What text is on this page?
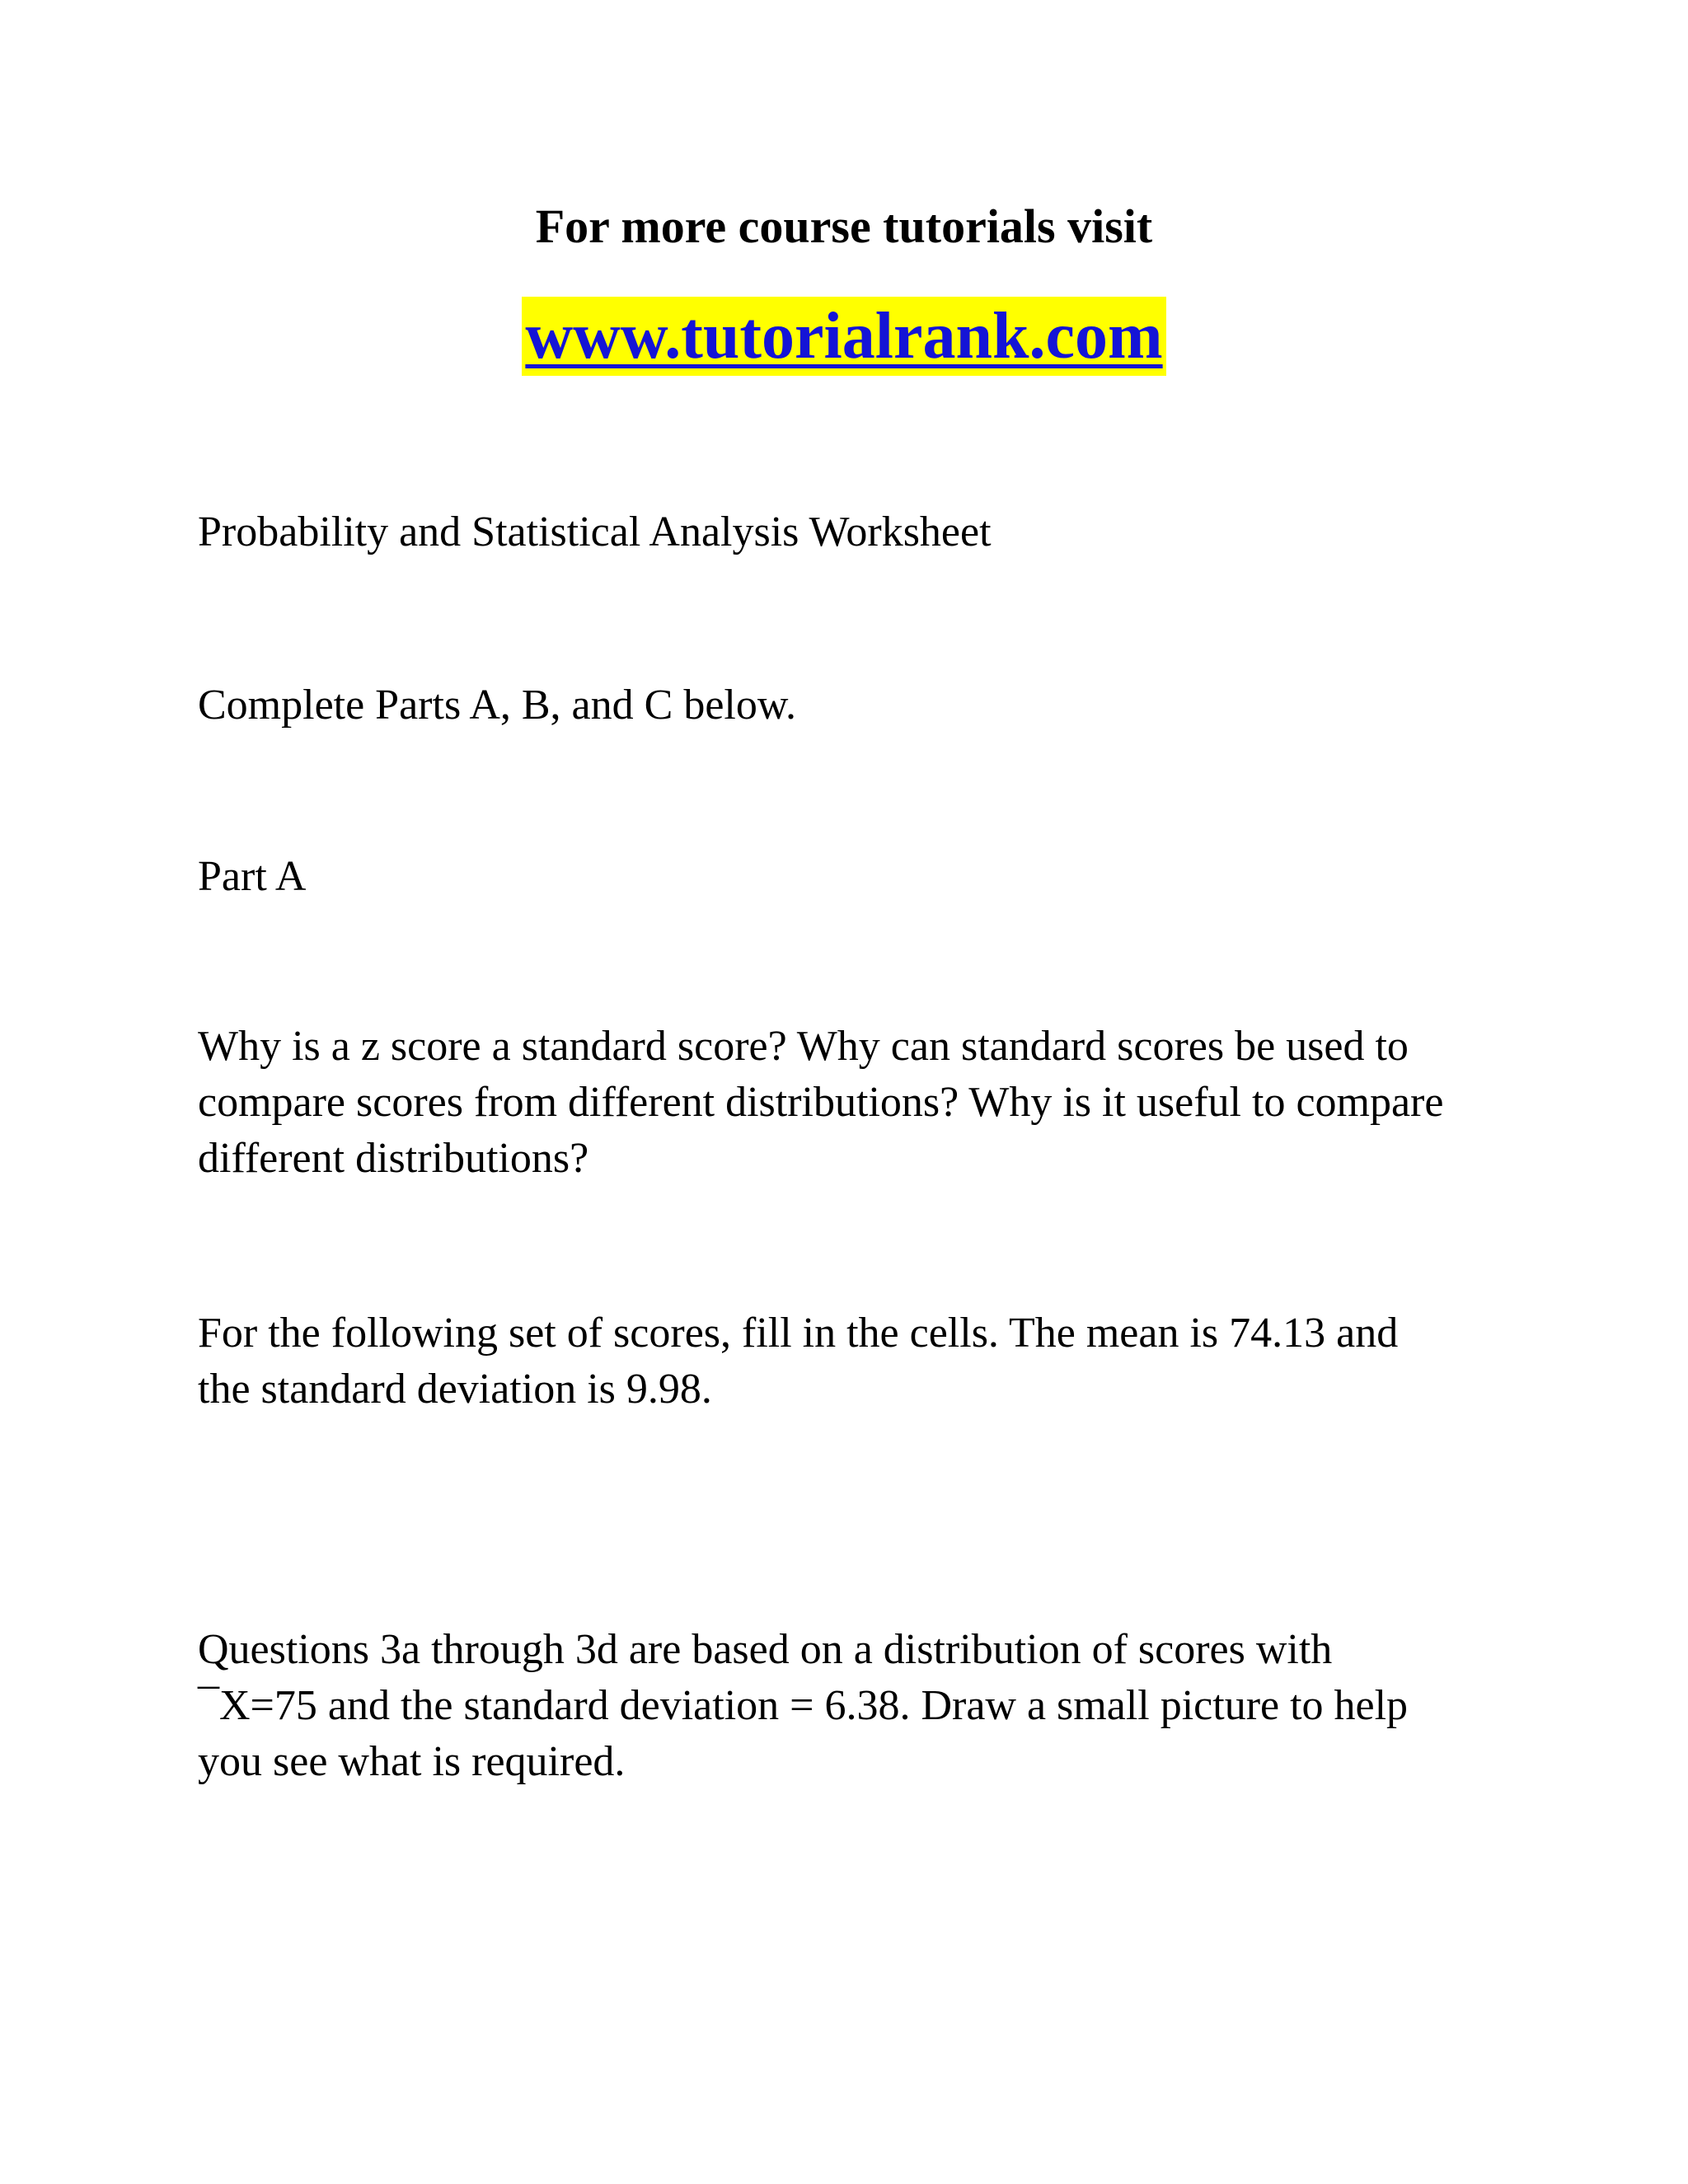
For more course tutorials visit
www.tutorialrank.com

Probability and Statistical Analysis Worksheet

Complete Parts A, B, and C below.

Part A

Why is a z score a standard score? Why can standard scores be used to
compare scores from different distributions? Why is it useful to compare
different distributions?

For the following set of scores, fill in the cells. The mean is 74.13 and
the standard deviation is 9.98.

Questions 3a through 3d are based on a distribution of scores with
¯X=75 and the standard deviation = 6.38. Draw a small picture to help
you see what is required.
